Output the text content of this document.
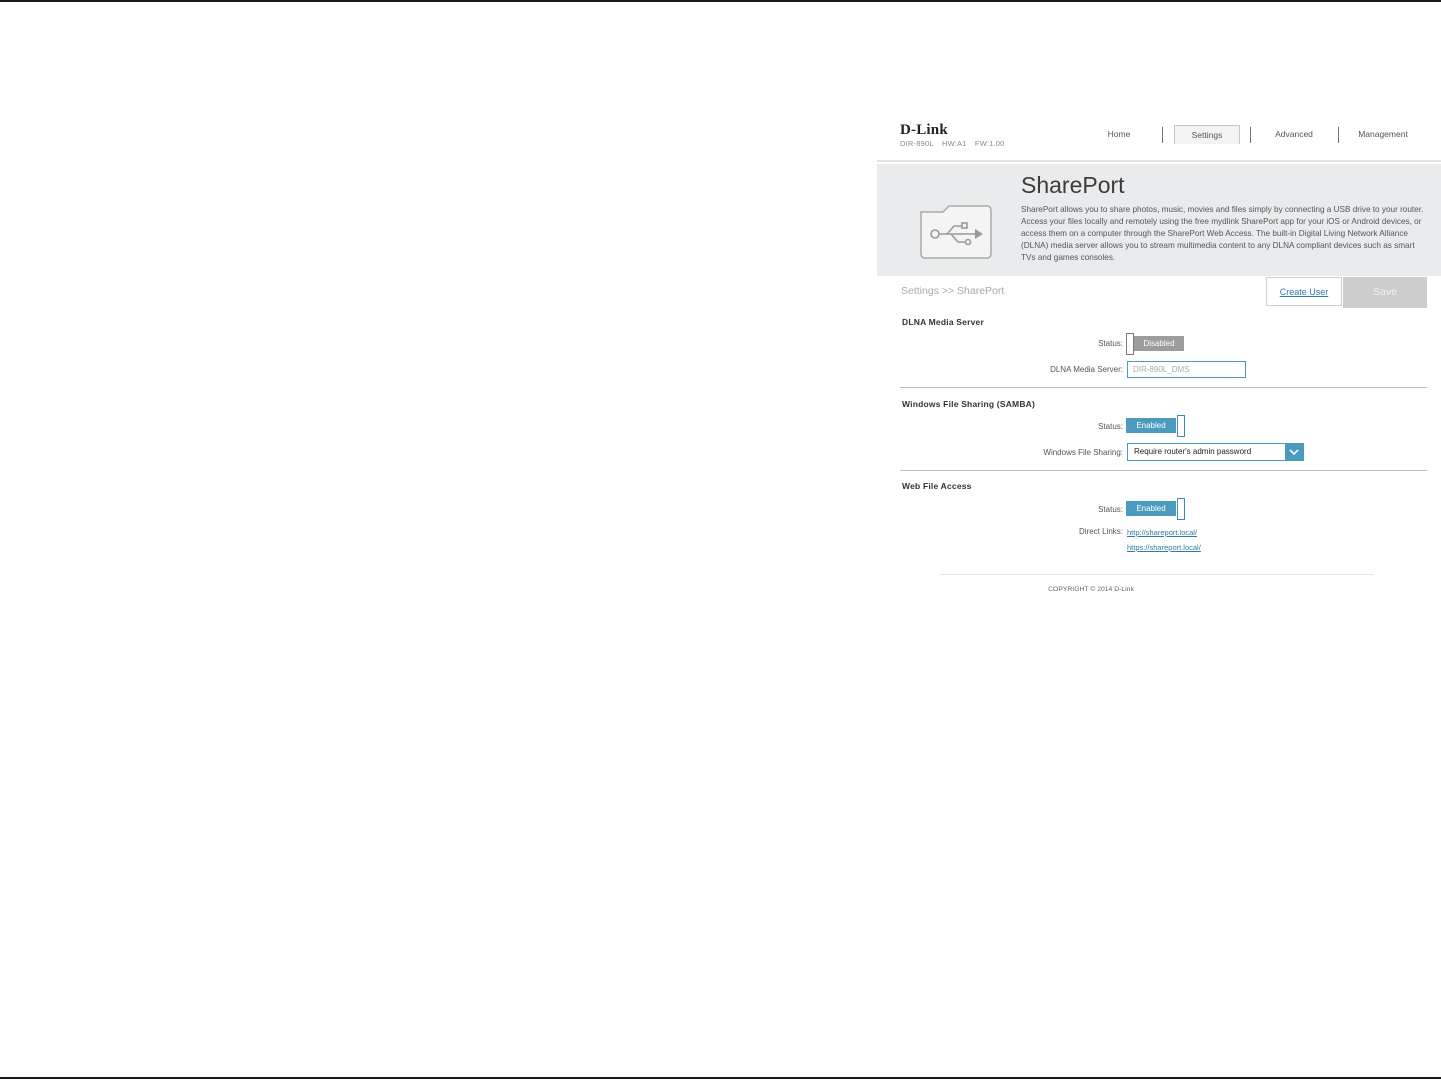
D-Link
DIR-890L HW:A1 FW:1.00
Home	Settings	Advanced	Management
SharePort
SharePort allows you to share photos, music, movies and files simply by connecting a USB drive to your router. Access your files locally and remotely using the free mydlink SharePort app for your iOS or Android devices, or access them on a computer through the SharePort Web Access. The built-in Digital Living Network Alliance (DLNA) media server allows you to stream multimedia content to any DLNA compliant devices such as smart TVs and games consoles.
Settings >> SharePort	Create User	Save
DLNA Media Server
Status:	Disabled
DLNA Media Server:
DIR-890L_DMS
Windows File Sharing (SAMBA)
Status:	Enabled
Windows File Sharing: Require router's admin password
Web File Access
Status:	Enabled
Direct Links: http://shareport.local/
https://shareport.local/
COPYRIGHT © 2014 D-Link
